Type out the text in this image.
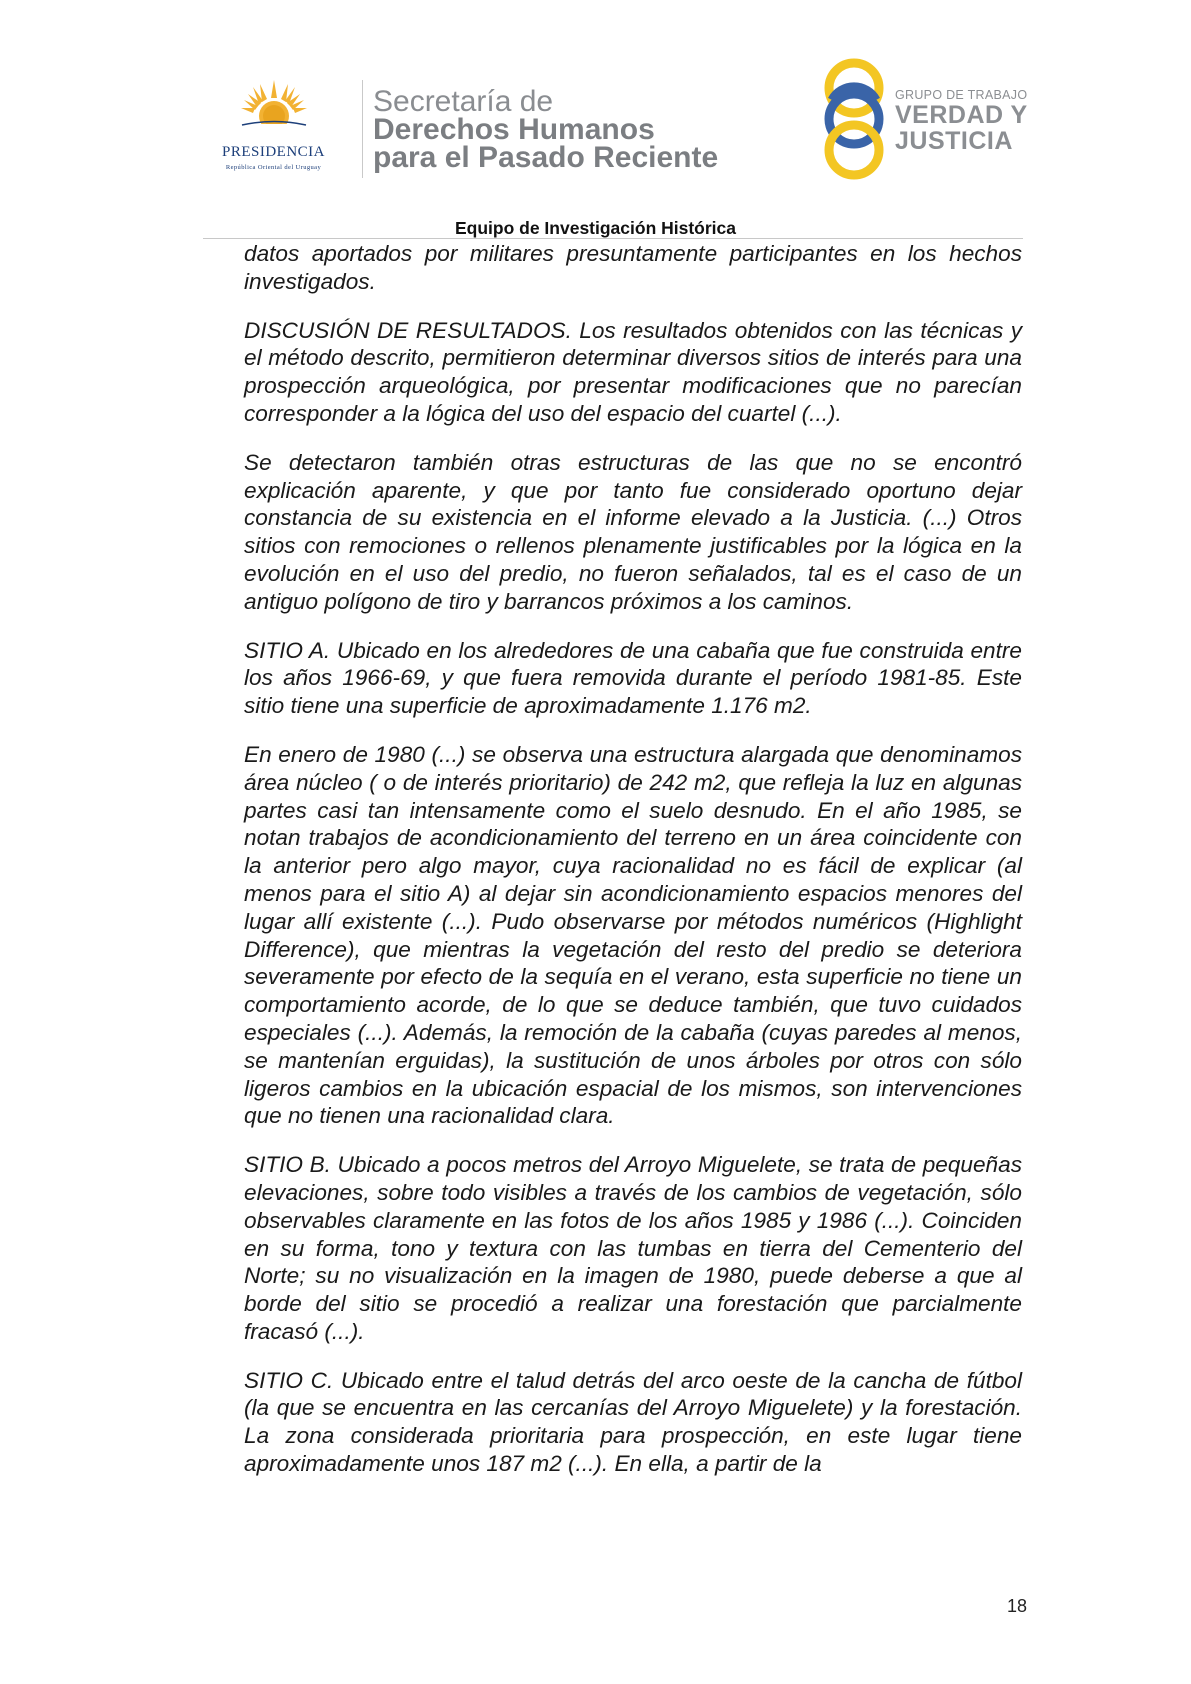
PRESIDENCIA
República Oriental del Uruguay
Secretaría de
Derechos Humanos
para el Pasado Reciente
GRUPO DE TRABAJO
VERDAD Y
JUSTICIA
Equipo de Investigación Histórica

datos aportados por militares presuntamente participantes en los hechos investigados.

DISCUSIÓN DE RESULTADOS. Los resultados obtenidos con las técnicas y el método descrito, permitieron determinar diversos sitios de interés para una prospección arqueológica, por presentar modificaciones que no parecían corresponder a la lógica del uso del espacio del cuartel (...).

Se detectaron también otras estructuras de las que no se encontró explicación aparente, y que por tanto fue considerado oportuno dejar constancia de su existencia en el informe elevado a la Justicia. (...) Otros sitios con remociones o rellenos plenamente justificables por la lógica en la evolución en el uso del predio, no fueron señalados, tal es el caso de un antiguo polígono de tiro y barrancos próximos a los caminos.

SITIO A. Ubicado en los alrededores de una cabaña que fue construida entre los años 1966-69, y que fuera removida durante el período 1981-85. Este sitio tiene una superficie de aproximadamente 1.176 m2.

En enero de 1980 (...) se observa una estructura alargada que denominamos área núcleo ( o de interés prioritario) de 242 m2, que refleja la luz en algunas partes casi tan intensamente como el suelo desnudo. En el año 1985, se notan trabajos de acondicionamiento del terreno en un área coincidente con la anterior pero algo mayor, cuya racionalidad no es fácil de explicar (al menos para el sitio A) al dejar sin acondicionamiento espacios menores del lugar allí existente (...). Pudo observarse por métodos numéricos (Highlight Difference), que mientras la vegetación del resto del predio se deteriora severamente por efecto de la sequía en el verano, esta superficie no tiene un comportamiento acorde, de lo que se deduce también, que tuvo cuidados especiales (...). Además, la remoción de la cabaña (cuyas paredes al menos, se mantenían erguidas), la sustitución de unos árboles por otros con sólo ligeros cambios en la ubicación espacial de los mismos, son intervenciones que no tienen una racionalidad clara.

SITIO B. Ubicado a pocos metros del Arroyo Miguelete, se trata de pequeñas elevaciones, sobre todo visibles a través de los cambios de vegetación, sólo observables claramente en las fotos de los años 1985 y 1986 (...). Coinciden en su forma, tono y textura con las tumbas en tierra del Cementerio del Norte; su no visualización en la imagen de 1980, puede deberse a que al borde del sitio se procedió a realizar una forestación que parcialmente fracasó (...).

SITIO C. Ubicado entre el talud detrás del arco oeste de la cancha de fútbol (la que se encuentra en las cercanías del Arroyo Miguelete) y la forestación. La zona considerada prioritaria para prospección, en este lugar tiene aproximadamente unos 187 m2 (...). En ella, a partir de la

18
